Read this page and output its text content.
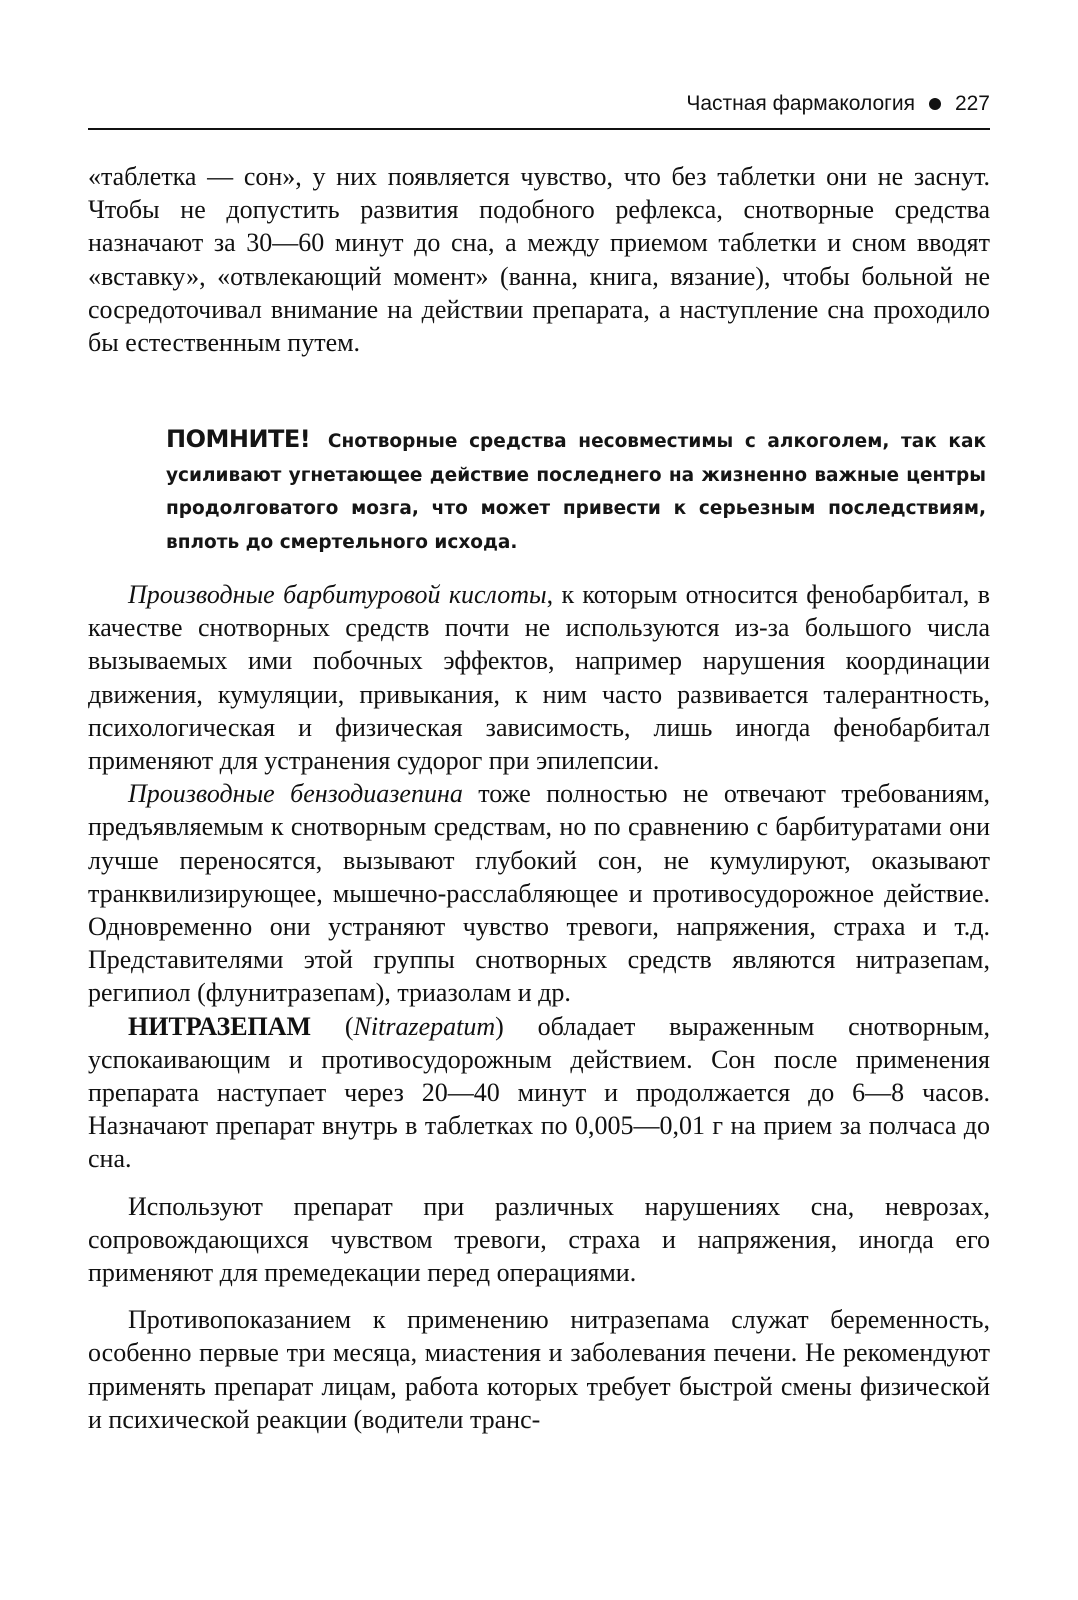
Частная фармакология 227

«таблетка — сон», у них появляется чувство, что без таблетки они не заснут. Чтобы не допустить развития подобного рефлекса, снотворные средства назначают за 30—60 минут до сна, а между приемом таблетки и сном вводят «вставку», «отвлекающий момент» (ванна, книга, вязание), чтобы больной не сосредоточивал внимание на действии препарата, а наступление сна проходило бы естественным путем.

ПОМНИТЕ! Снотворные средства несовместимы с алкоголем, так как усиливают угнетающее действие последнего на жизненно важные центры продолговатого мозга, что может привести к серьезным последствиям, вплоть до смертельного исхода.

Производные барбитуровой кислоты, к которым относится фенобарбитал, в качестве снотворных средств почти не используются из-за большого числа вызываемых ими побочных эффектов, например нарушения координации движения, кумуляции, привыкания, к ним часто развивается талерантность, психологическая и физическая зависимость, лишь иногда фенобарбитал применяют для устранения судорог при эпилепсии.

Производные бензодиазепина тоже полностью не отвечают требованиям, предъявляемым к снотворным средствам, но по сравнению с барбитуратами они лучше переносятся, вызывают глубокий сон, не кумулируют, оказывают транквилизирующее, мышечно-расслабляющее и противосудорожное действие. Одновременно они устраняют чувство тревоги, напряжения, страха и т.д. Представителями этой группы снотворных средств являются нитразепам, регипиол (флунитразепам), триазолам и др.

НИТРАЗЕПАМ (Nitrazepatum) обладает выраженным снотворным, успокаивающим и противосудорожным действием. Сон после применения препарата наступает через 20—40 минут и продолжается до 6—8 часов. Назначают препарат внутрь в таблетках по 0,005—0,01 г на прием за полчаса до сна.

Используют препарат при различных нарушениях сна, неврозах, сопровождающихся чувством тревоги, страха и напряжения, иногда его применяют для премедекации перед операциями.

Противопоказанием к применению нитразепама служат беременность, особенно первые три месяца, миастения и заболевания печени. Не рекомендуют применять препарат лицам, работа которых требует быстрой смены физической и психической реакции (водители транс-
